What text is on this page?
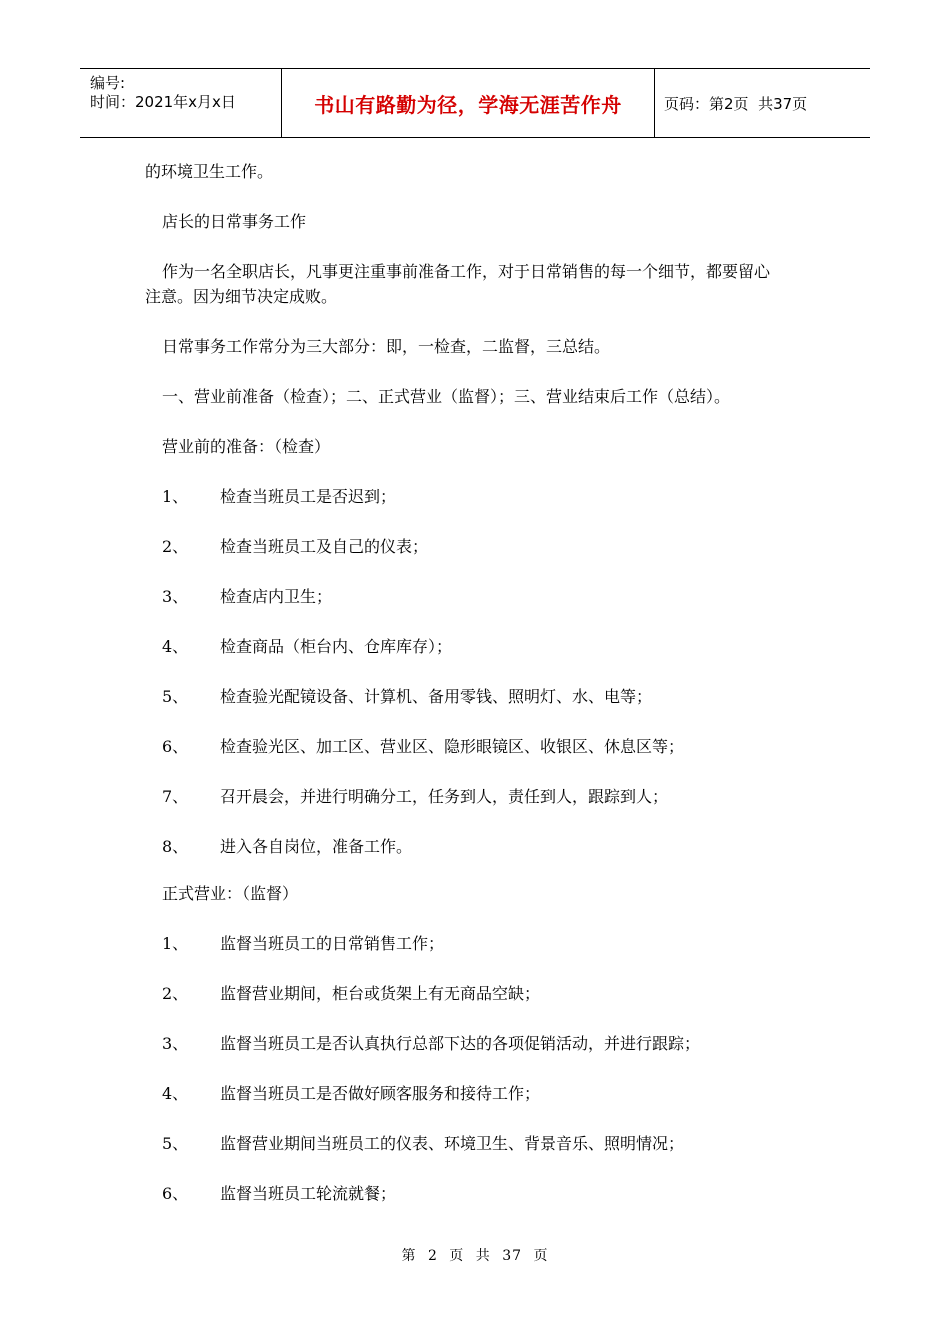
编号:
时间：2021年x月x日	书山有路勤为径，学海无涯苦作舟	页码：第2页  共37页
的环境卫生工作。
店长的日常事务工作
作为一名全职店长，凡事更注重事前准备工作，对于日常销售的每一个细节，都要留心
注意。因为细节决定成败。
日常事务工作常分为三大部分：即，一检查，二监督，三总结。
一、营业前准备（检查）；二、正式营业（监督）；三、营业结束后工作（总结）。
营业前的准备：（检查）
1、 检查当班员工是否迟到；
2、 检查当班员工及自己的仪表；
3、 检查店内卫生；
4、 检查商品（柜台内、仓库库存）；
5、 检查验光配镜设备、计算机、备用零钱、照明灯、水、电等；
6、 检查验光区、加工区、营业区、隐形眼镜区、收银区、休息区等；
7、 召开晨会，并进行明确分工，任务到人，责任到人，跟踪到人；
8、 进入各自岗位，准备工作。
正式营业：（监督）
1、 监督当班员工的日常销售工作；
2、 监督营业期间，柜台或货架上有无商品空缺；
3、 监督当班员工是否认真执行总部下达的各项促销活动，并进行跟踪；
4、 监督当班员工是否做好顾客服务和接待工作；
5、 监督营业期间当班员工的仪表、环境卫生、背景音乐、照明情况；
6、 监督当班员工轮流就餐；
第 2 页 共 37 页
